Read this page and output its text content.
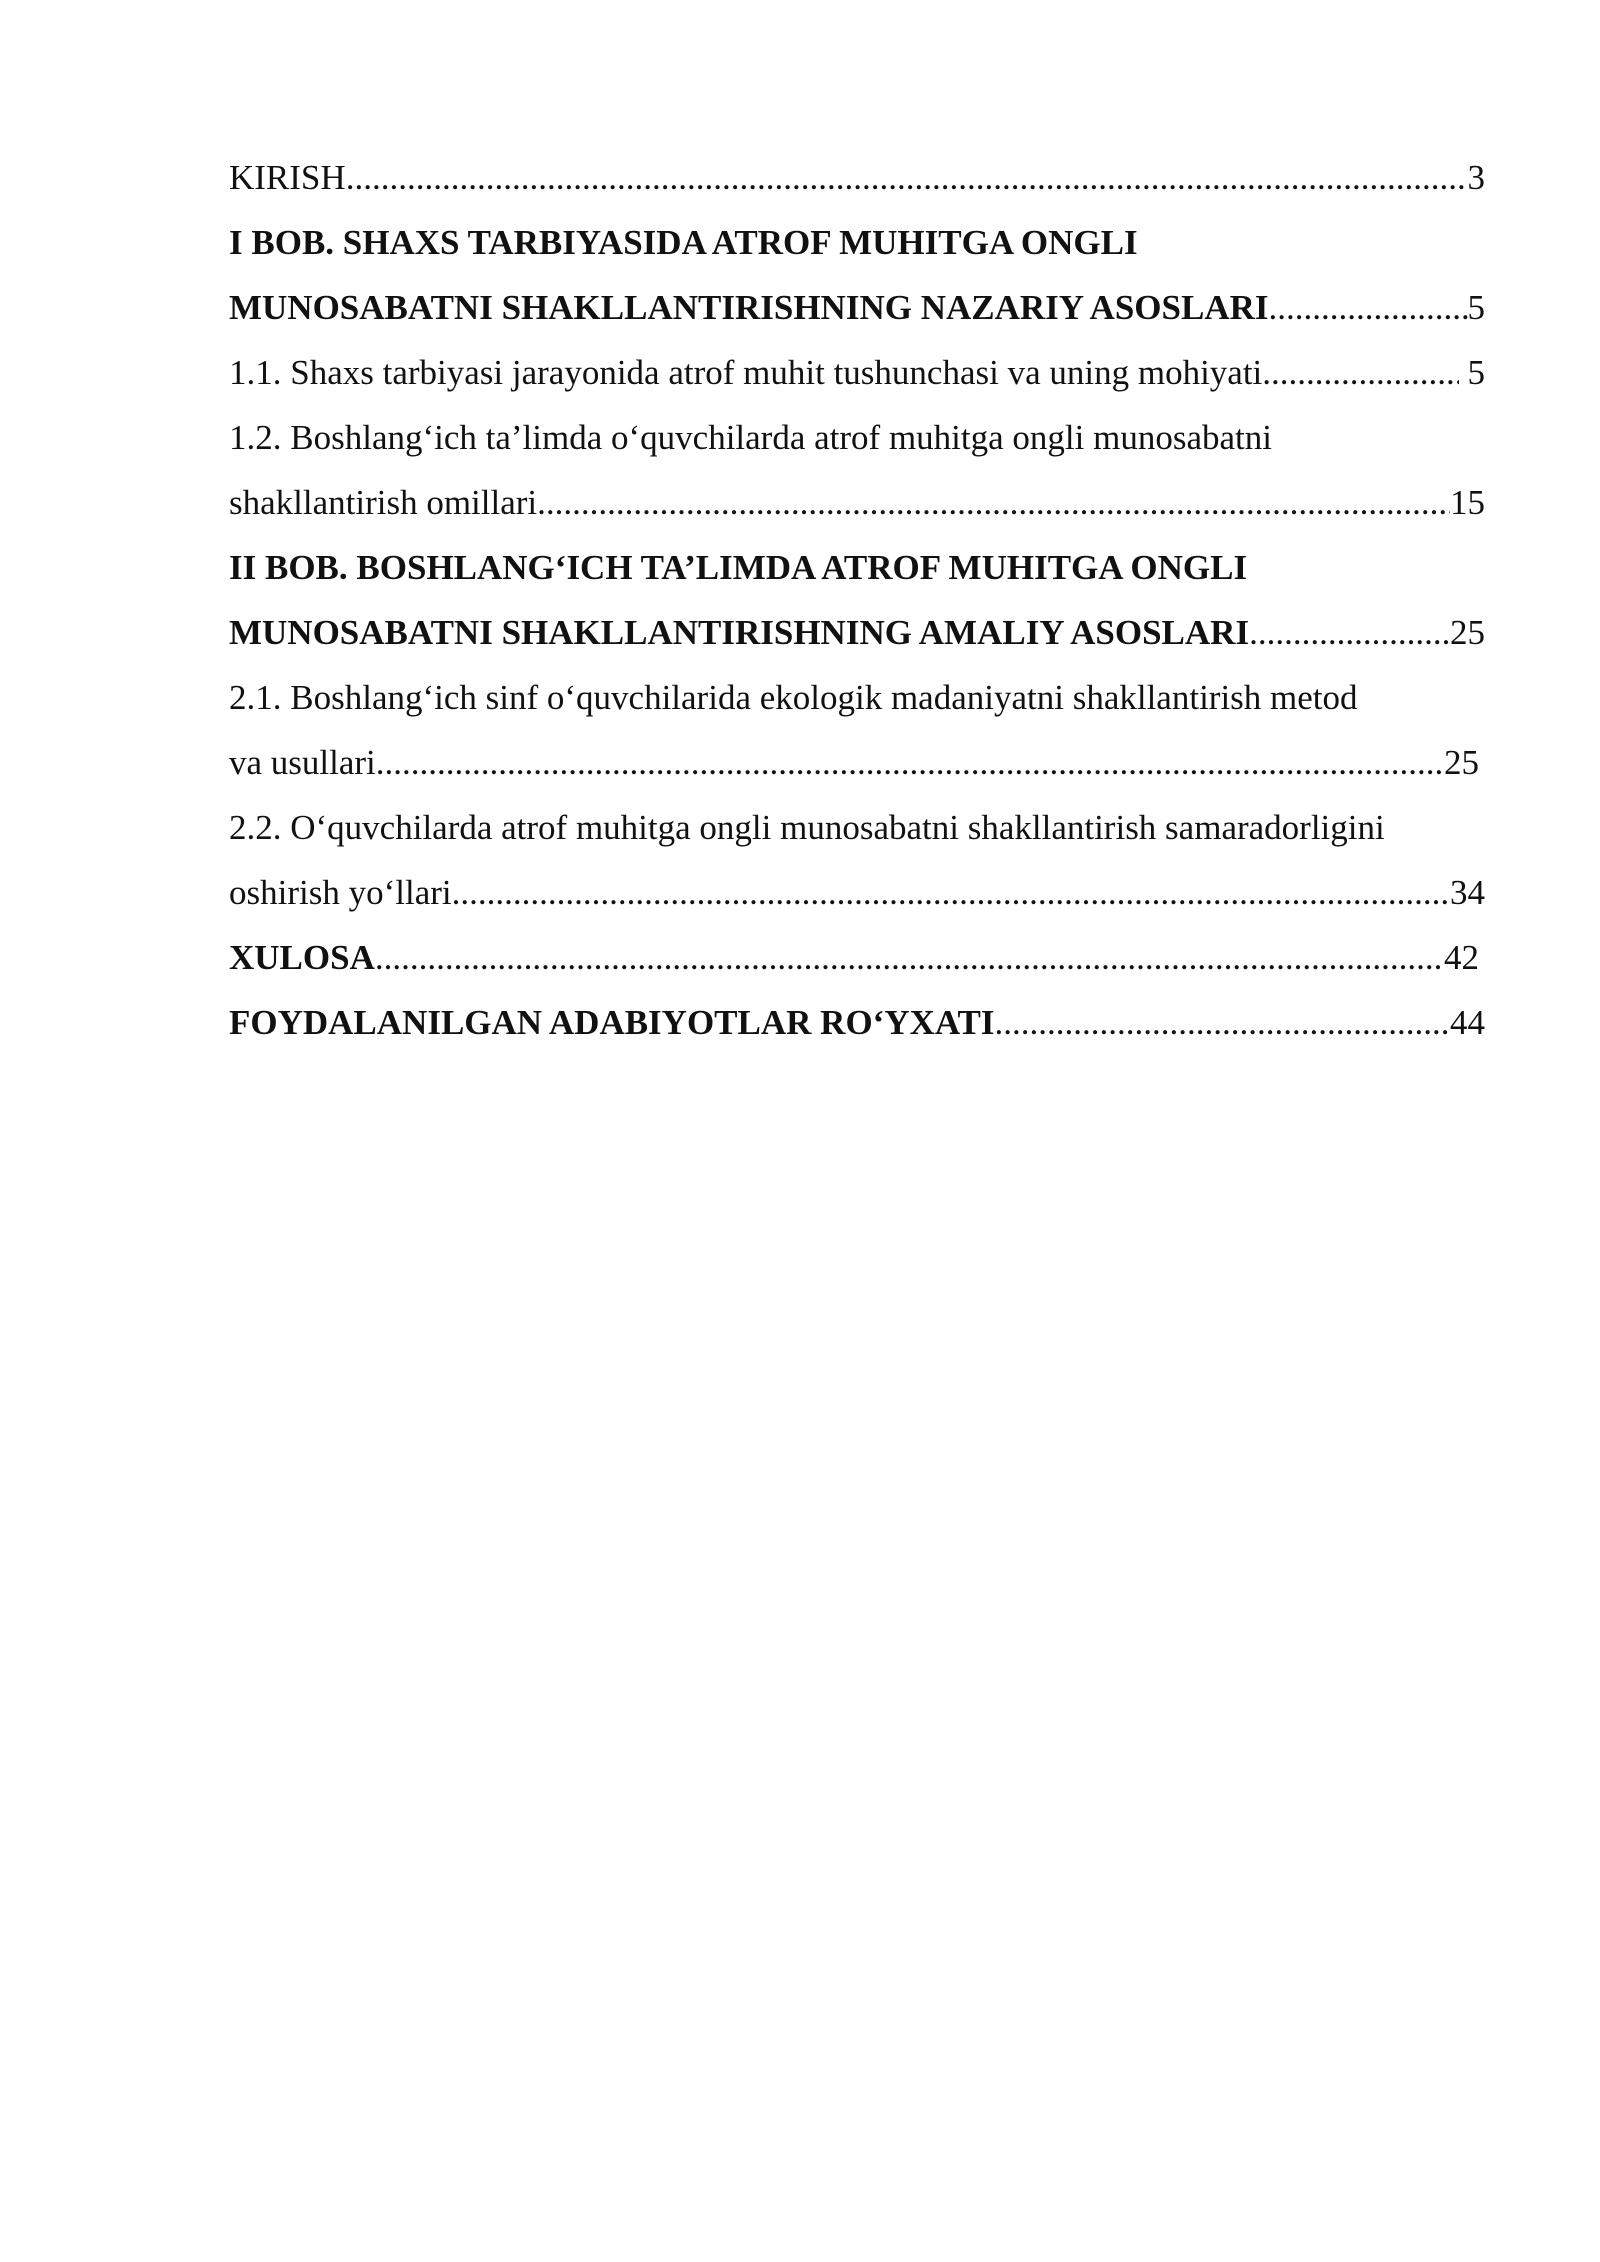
KIRISH .....	3
I BOB. SHAXS TARBIYASIDA ATROF MUHITGA ONGLI
MUNOSABATNI SHAKLLANTIRISHNING NAZARIY ASOSLARI .....	5
1.1. Shaxs tarbiyasi jarayonida atrof muhit tushunchasi va uning mohiyati .....	5
1.2. Boshlang‘ich ta’limda o‘quvchilarda atrof muhitga ongli munosabatni
shakllantirish omillari .....	15
II BOB. BOSHLANG‘ICH TA’LIMDA ATROF MUHITGA ONGLI
MUNOSABATNI SHAKLLANTIRISHNING AMALIY ASOSLARI .....	25
2.1. Boshlang‘ich sinf o‘quvchilarida ekologik madaniyatni shakllantirish metod
va usullari .....	25
2.2. O‘quvchilarda atrof muhitga ongli munosabatni shakllantirish samaradorligini
oshirish yo‘llari .....	34
XULOSA .....	42
FOYDALANILGAN ADABIYOTLAR RO‘YXATI .....	44
